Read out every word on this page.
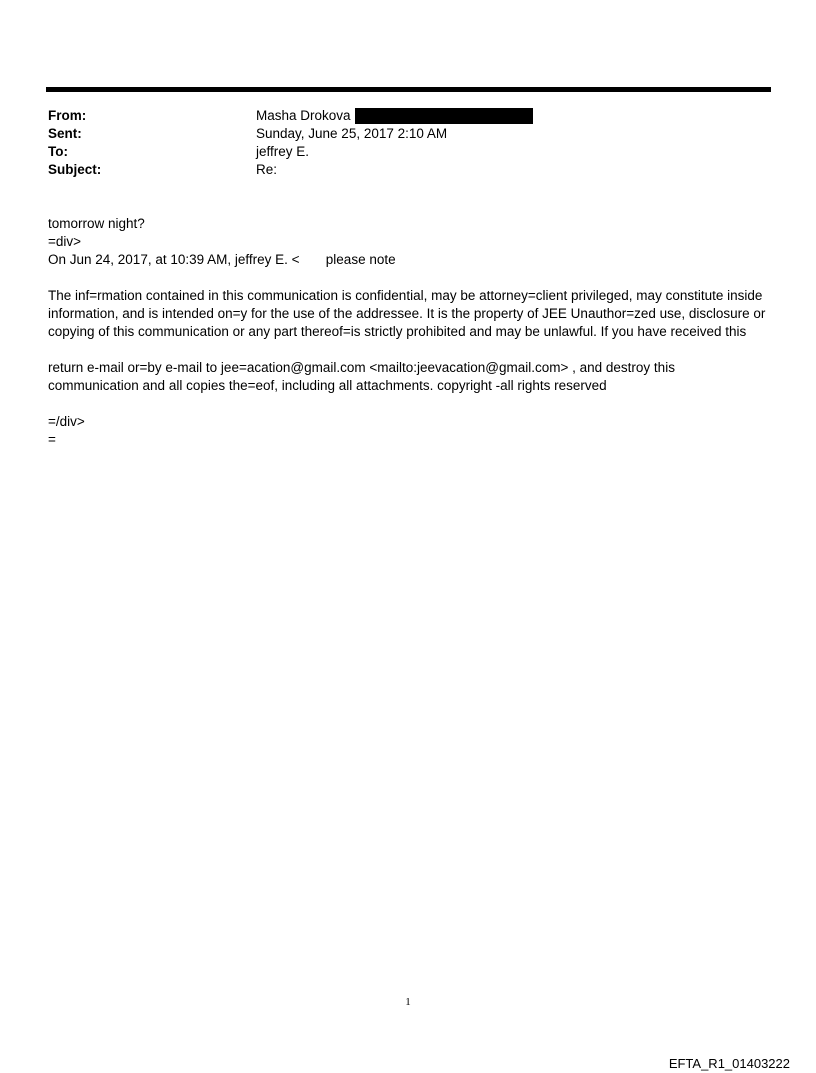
From:	Masha Drokova
Sent:	Sunday, June 25, 2017 2:10 AM
To:	jeffrey E.
Subject:	Re:

tomorrow night?

=div>

On Jun 24, 2017, at 10:39 AM, jeffrey E. <       please note

The inf=rmation contained in this communication is confidential, may be attorney=client privileged, may constitute inside information, and is intended on=y for the use of the addressee. It is the property of JEE Unauthor=zed use, disclosure or copying of this communication or any part thereof=is strictly prohibited and may be unlawful. If you have received this

return e-mail or=by e-mail to jee=acation@gmail.com <mailto:jeevacation@gmail.com> , and destroy this communication and all copies the=eof, including all attachments. copyright -all rights reserved

=/div>

=

1
EFTA_R1_01403222
